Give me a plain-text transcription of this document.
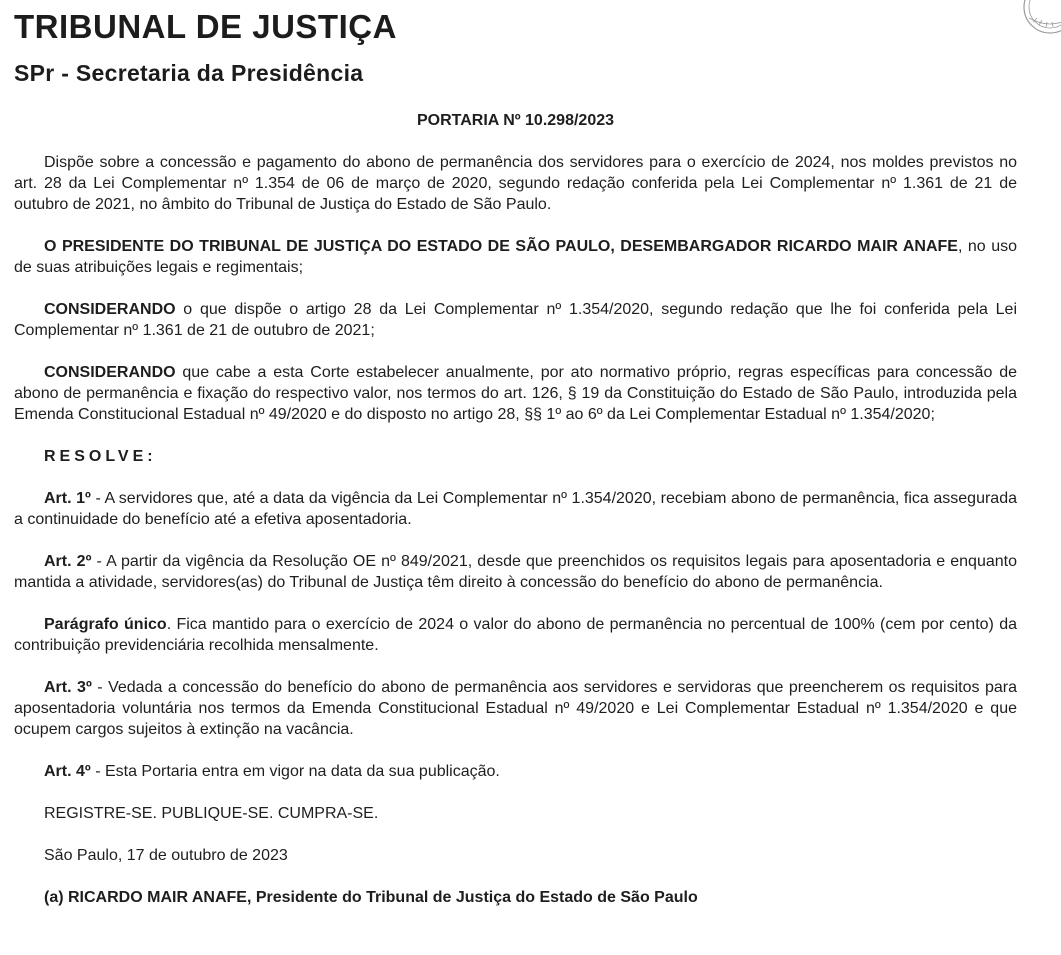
TRIBUNAL DE JUSTIÇA
SPr - Secretaria da Presidência

PORTARIA Nº 10.298/2023

Dispõe sobre a concessão e pagamento do abono de permanência dos servidores para o exercício de 2024, nos moldes previstos no art. 28 da Lei Complementar nº 1.354 de 06 de março de 2020, segundo redação conferida pela Lei Complementar nº 1.361 de 21 de outubro de 2021, no âmbito do Tribunal de Justiça do Estado de São Paulo.

O PRESIDENTE DO TRIBUNAL DE JUSTIÇA DO ESTADO DE SÃO PAULO, DESEMBARGADOR RICARDO MAIR ANAFE, no uso de suas atribuições legais e regimentais;

CONSIDERANDO o que dispõe o artigo 28 da Lei Complementar nº 1.354/2020, segundo redação que lhe foi conferida pela Lei Complementar nº 1.361 de 21 de outubro de 2021;

CONSIDERANDO que cabe a esta Corte estabelecer anualmente, por ato normativo próprio, regras específicas para concessão de abono de permanência e fixação do respectivo valor, nos termos do art. 126, § 19 da Constituição do Estado de São Paulo, introduzida pela Emenda Constitucional Estadual nº 49/2020 e do disposto no artigo 28, §§ 1º ao 6º da Lei Complementar Estadual nº 1.354/2020;

RESOLVE:

Art. 1º - A servidores que, até a data da vigência da Lei Complementar nº 1.354/2020, recebiam abono de permanência, fica assegurada a continuidade do benefício até a efetiva aposentadoria.

Art. 2º - A partir da vigência da Resolução OE nº 849/2021, desde que preenchidos os requisitos legais para aposentadoria e enquanto mantida a atividade, servidores(as) do Tribunal de Justiça têm direito à concessão do benefício do abono de permanência.

Parágrafo único. Fica mantido para o exercício de 2024 o valor do abono de permanência no percentual de 100% (cem por cento) da contribuição previdenciária recolhida mensalmente.

Art. 3º - Vedada a concessão do benefício do abono de permanência aos servidores e servidoras que preencherem os requisitos para aposentadoria voluntária nos termos da Emenda Constitucional Estadual nº 49/2020 e Lei Complementar Estadual nº 1.354/2020 e que ocupem cargos sujeitos à extinção na vacância.

Art. 4º - Esta Portaria entra em vigor na data da sua publicação.

REGISTRE-SE. PUBLIQUE-SE. CUMPRA-SE.

São Paulo, 17 de outubro de 2023

(a) RICARDO MAIR ANAFE, Presidente do Tribunal de Justiça do Estado de São Paulo
